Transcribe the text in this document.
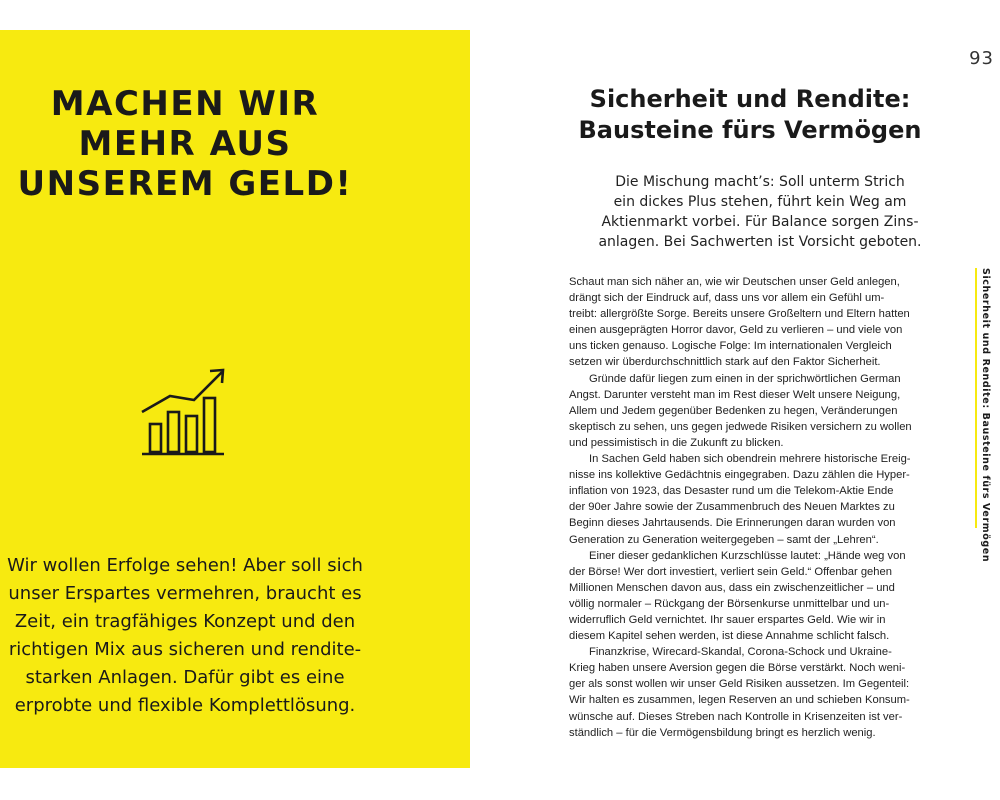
MACHEN WIR
MEHR AUS
UNSEREM GELD!
Wir wollen Erfolge sehen! Aber soll sich
unser Erspartes vermehren, braucht es
Zeit, ein tragfähiges Konzept und den
richtigen Mix aus sicheren und rendite-
starken Anlagen. Dafür gibt es eine
erprobte und flexible Komplettlösung.
93
Sicherheit und Rendite:
Bausteine fürs Vermögen
Die Mischung macht’s: Soll unterm Strich
ein dickes Plus stehen, führt kein Weg am
Aktienmarkt vorbei. Für Balance sorgen Zins-
anlagen. Bei Sachwerten ist Vorsicht geboten.
Schaut man sich näher an, wie wir Deutschen unser Geld anlegen,
drängt sich der Eindruck auf, dass uns vor allem ein Gefühl um-
treibt: allergrößte Sorge. Bereits unsere Großeltern und Eltern hatten
einen ausgeprägten Horror davor, Geld zu verlieren – und viele von
uns ticken genauso. Logische Folge: Im internationalen Vergleich
setzen wir überdurchschnittlich stark auf den Faktor Sicherheit.
Gründe dafür liegen zum einen in der sprichwörtlichen German
Angst. Darunter versteht man im Rest dieser Welt unsere Neigung,
Allem und Jedem gegenüber Bedenken zu hegen, Veränderungen
skeptisch zu sehen, uns gegen jedwede Risiken versichern zu wollen
und pessimistisch in die Zukunft zu blicken.
In Sachen Geld haben sich obendrein mehrere historische Ereig-
nisse ins kollektive Gedächtnis eingegraben. Dazu zählen die Hyper-
inflation von 1923, das Desaster rund um die Telekom-Aktie Ende
der 90er Jahre sowie der Zusammenbruch des Neuen Marktes zu
Beginn dieses Jahrtausends. Die Erinnerungen daran wurden von
Generation zu Generation weitergegeben – samt der „Lehren“.
Einer dieser gedanklichen Kurzschlüsse lautet: „Hände weg von
der Börse! Wer dort investiert, verliert sein Geld.“ Offenbar gehen
Millionen Menschen davon aus, dass ein zwischenzeitlicher – und
völlig normaler – Rückgang der Börsenkurse unmittelbar und un-
widerruflich Geld vernichtet. Ihr sauer erspartes Geld. Wie wir in
diesem Kapitel sehen werden, ist diese Annahme schlicht falsch.
Finanzkrise, Wirecard-Skandal, Corona-Schock und Ukraine-
Krieg haben unsere Aversion gegen die Börse verstärkt. Noch weni-
ger als sonst wollen wir unser Geld Risiken aussetzen. Im Gegenteil:
Wir halten es zusammen, legen Reserven an und schieben Konsum-
wünsche auf. Dieses Streben nach Kontrolle in Krisenzeiten ist ver-
ständlich – für die Vermögensbildung bringt es herzlich wenig.
Sicherheit und Rendite: Bausteine fürs Vermögen
